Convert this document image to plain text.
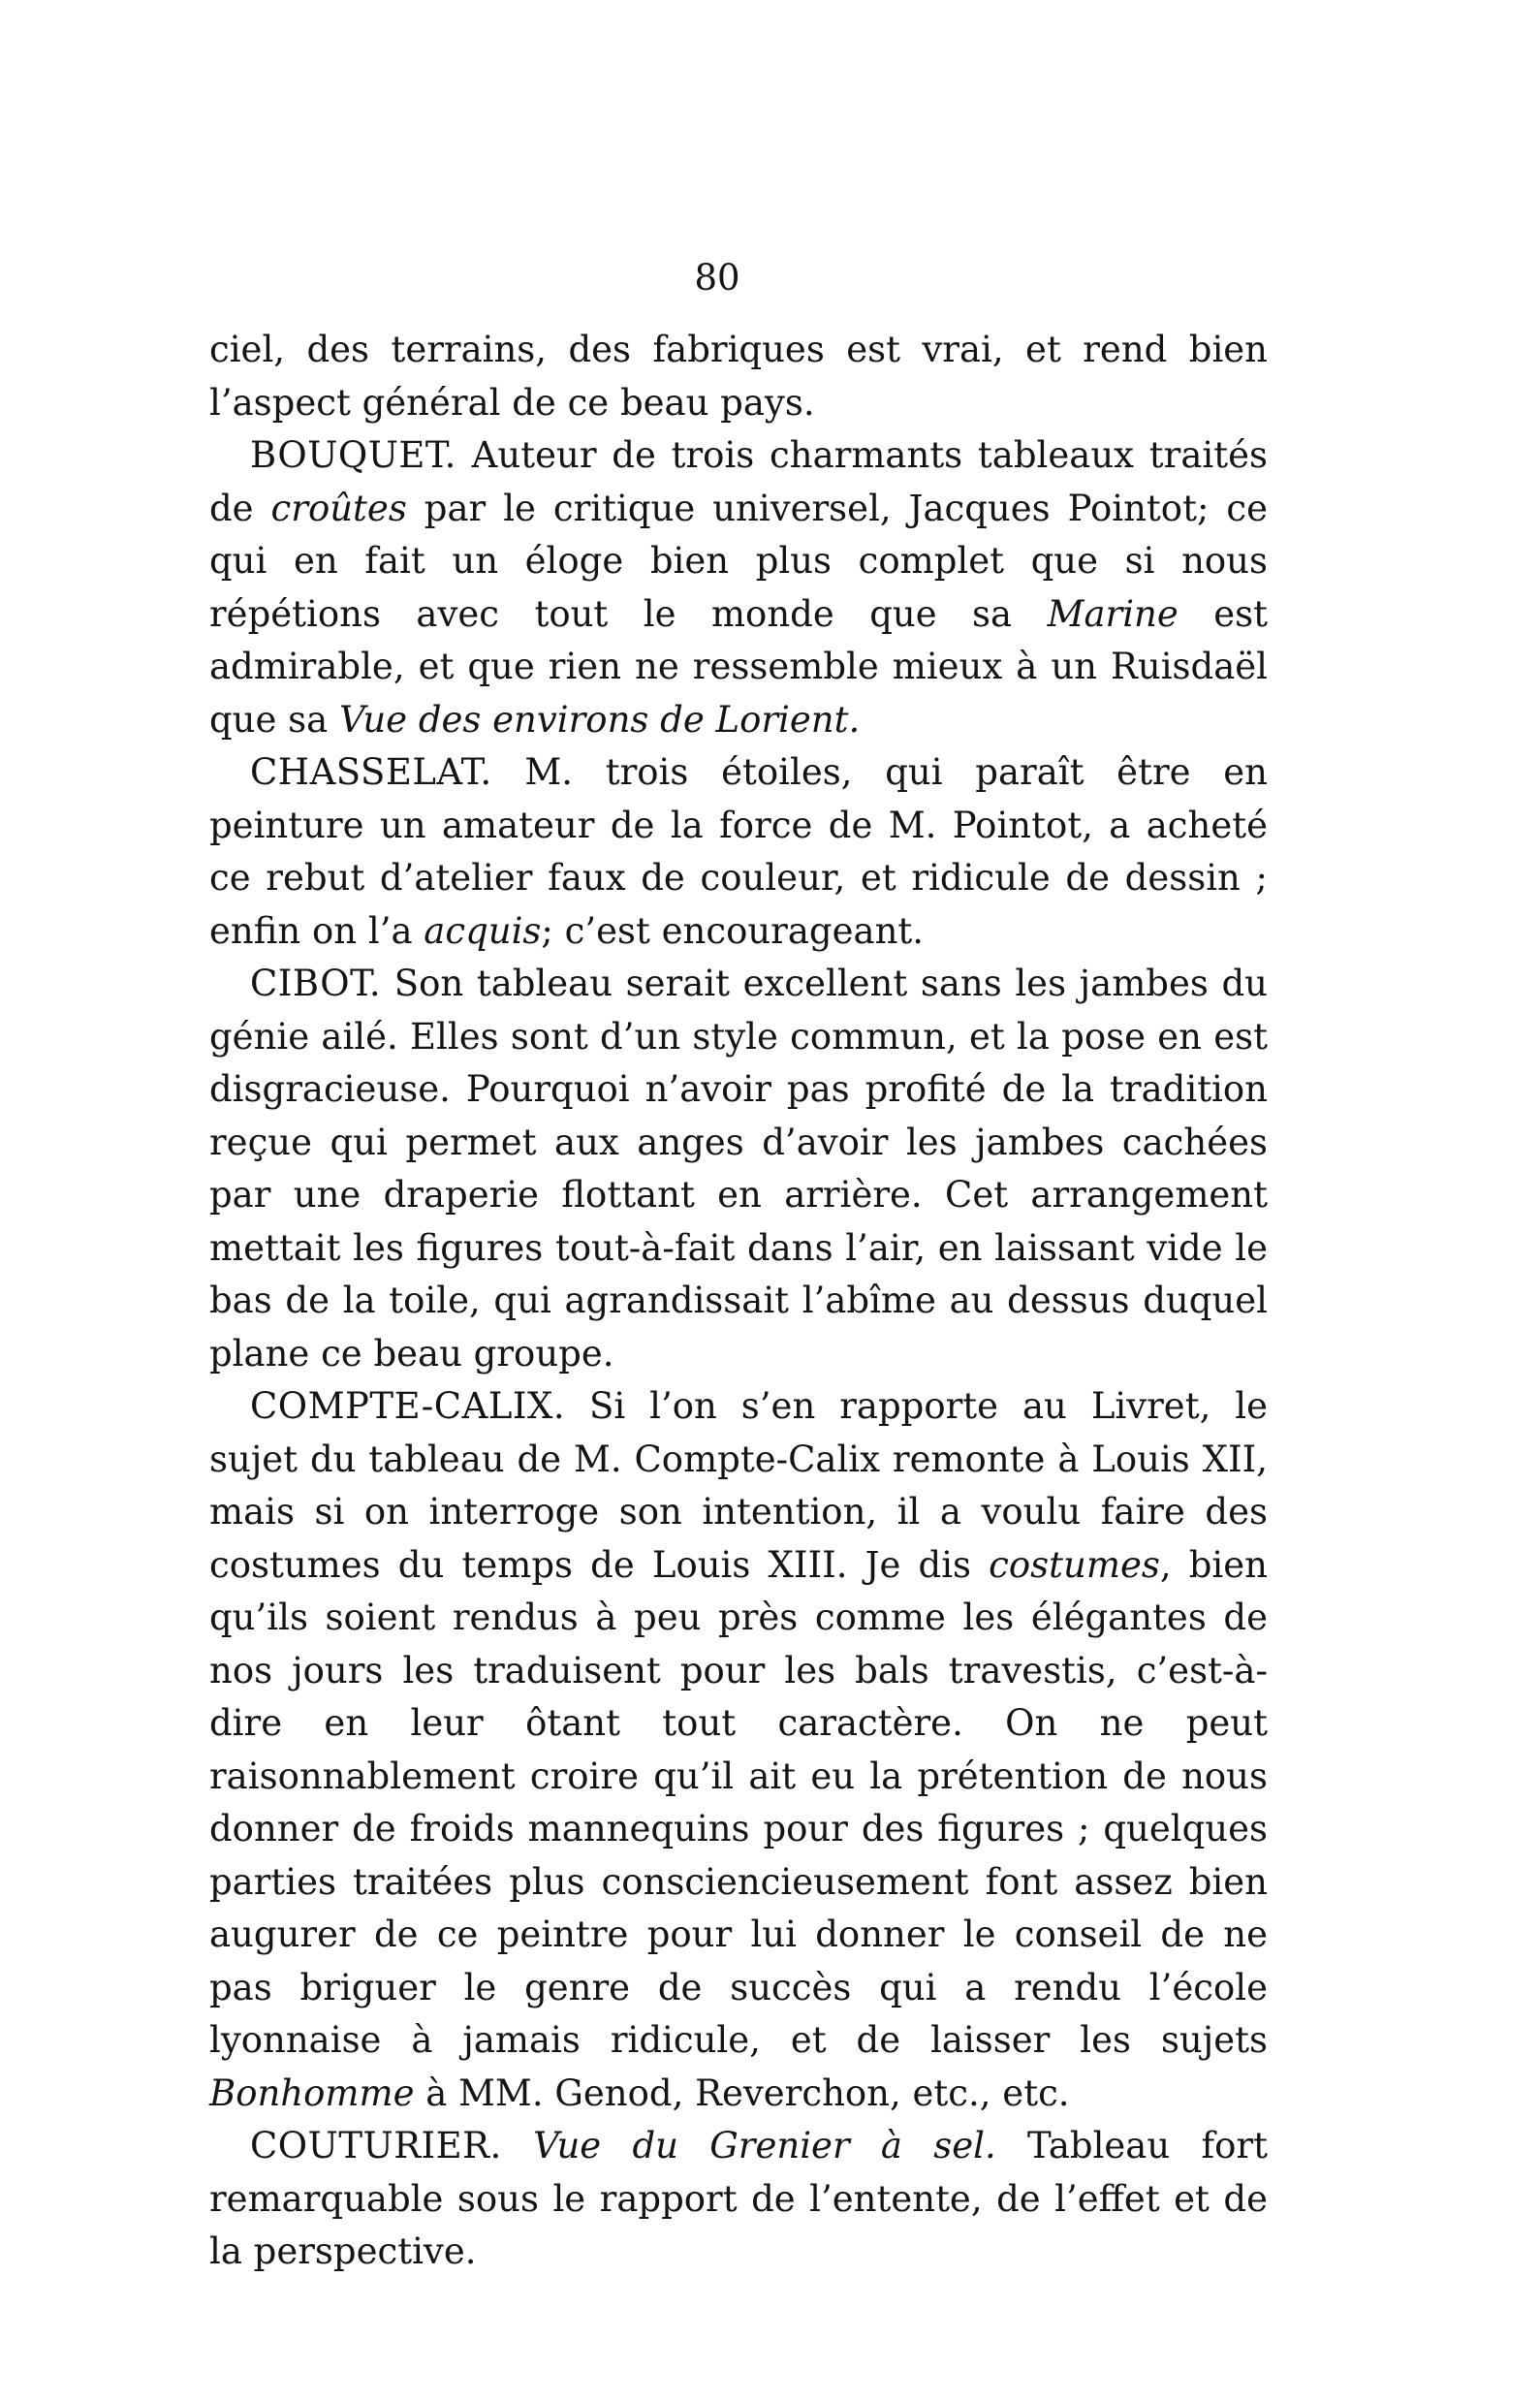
80

ciel, des terrains, des fabriques est vrai, et rend bien l’aspect général de ce beau pays.

BOUQUET. Auteur de trois charmants tableaux traités de croûtes par le critique universel, Jacques Pointot; ce qui en fait un éloge bien plus complet que si nous répétions avec tout le monde que sa Marine est admirable, et que rien ne ressemble mieux à un Ruisdaël que sa Vue des environs de Lorient.

CHASSELAT. M. trois étoiles, qui paraît être en peinture un amateur de la force de M. Pointot, a acheté ce rebut d’atelier faux de couleur, et ridicule de dessin ; enfin on l’a acquis; c’est encourageant.

CIBOT. Son tableau serait excellent sans les jambes du génie ailé. Elles sont d’un style commun, et la pose en est disgracieuse. Pourquoi n’avoir pas profité de la tradition reçue qui permet aux anges d’avoir les jambes cachées par une draperie flottant en arrière. Cet arrangement mettait les figures tout-à-fait dans l’air, en laissant vide le bas de la toile, qui agrandissait l’abîme au dessus duquel plane ce beau groupe.

COMPTE-CALIX. Si l’on s’en rapporte au Livret, le sujet du tableau de M. Compte-Calix remonte à Louis XII, mais si on interroge son intention, il a voulu faire des costumes du temps de Louis XIII. Je dis costumes, bien qu’ils soient rendus à peu près comme les élégantes de nos jours les traduisent pour les bals travestis, c’est-à-dire en leur ôtant tout caractère. On ne peut raisonnablement croire qu’il ait eu la prétention de nous donner de froids mannequins pour des figures ; quelques parties traitées plus consciencieusement font assez bien augurer de ce peintre pour lui donner le conseil de ne pas briguer le genre de succès qui a rendu l’école lyonnaise à jamais ridicule, et de laisser les sujets Bonhomme à MM. Genod, Reverchon, etc., etc.

COUTURIER. Vue du Grenier à sel. Tableau fort remarquable sous le rapport de l’entente, de l’effet et de la perspective.
